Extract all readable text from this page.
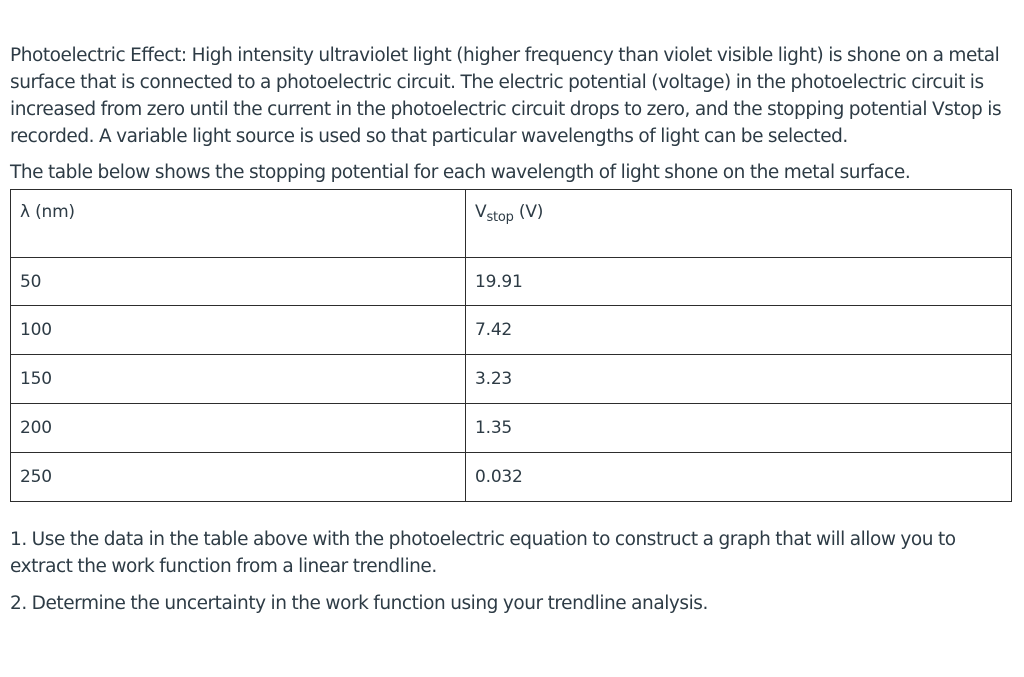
Photoelectric Effect: High intensity ultraviolet light (higher frequency than violet visible light) is shone on a metal surface that is connected to a photoelectric circuit. The electric potential (voltage) in the photoelectric circuit is increased from zero until the current in the photoelectric circuit drops to zero, and the stopping potential Vstop is recorded. A variable light source is used so that particular wavelengths of light can be selected.

The table below shows the stopping potential for each wavelength of light shone on the metal surface.

λ (nm)	$V_{stop}$ (V)
50	19.91
100	7.42
150	3.23
200	1.35
250	0.032

1. Use the data in the table above with the photoelectric equation to construct a graph that will allow you to extract the work function from a linear trendline.

2. Determine the uncertainty in the work function using your trendline analysis.
